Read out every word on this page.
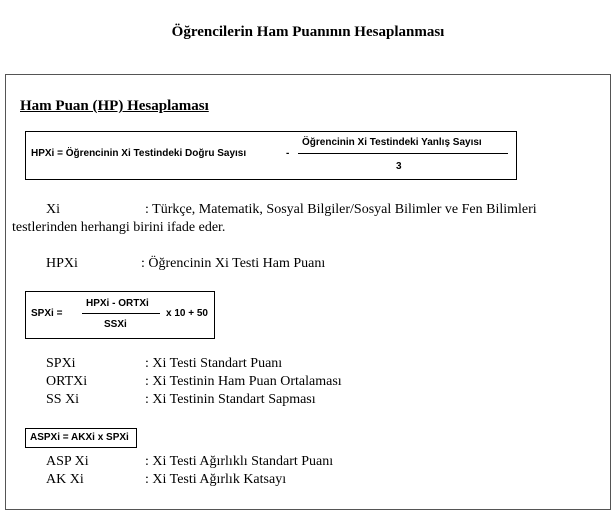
Öğrencilerin Ham Puanının Hesaplanması
Ham Puan (HP) Hesaplaması
HPXi = Öğrencinin Xi Testindeki Doğru Sayısı	-
Öğrencinin Xi Testindeki Yanlış Sayısı
3
Xi	: Türkçe, Matematik, Sosyal Bilgiler/Sosyal Bilimler ve Fen Bilimleri
testlerinden herhangi birini ifade eder.
HPXi	: Öğrencinin Xi Testi Ham Puanı
SPXi =
HPXi - ORTXi
SSXi
x 10 + 50
SPXi	: Xi Testi Standart Puanı
ORTXi	: Xi Testinin Ham Puan Ortalaması
SS Xi	: Xi Testinin Standart Sapması
ASPXi = AKXi x SPXi
ASP Xi	: Xi Testi Ağırlıklı Standart Puanı
AK Xi	: Xi Testi Ağırlık Katsayı
